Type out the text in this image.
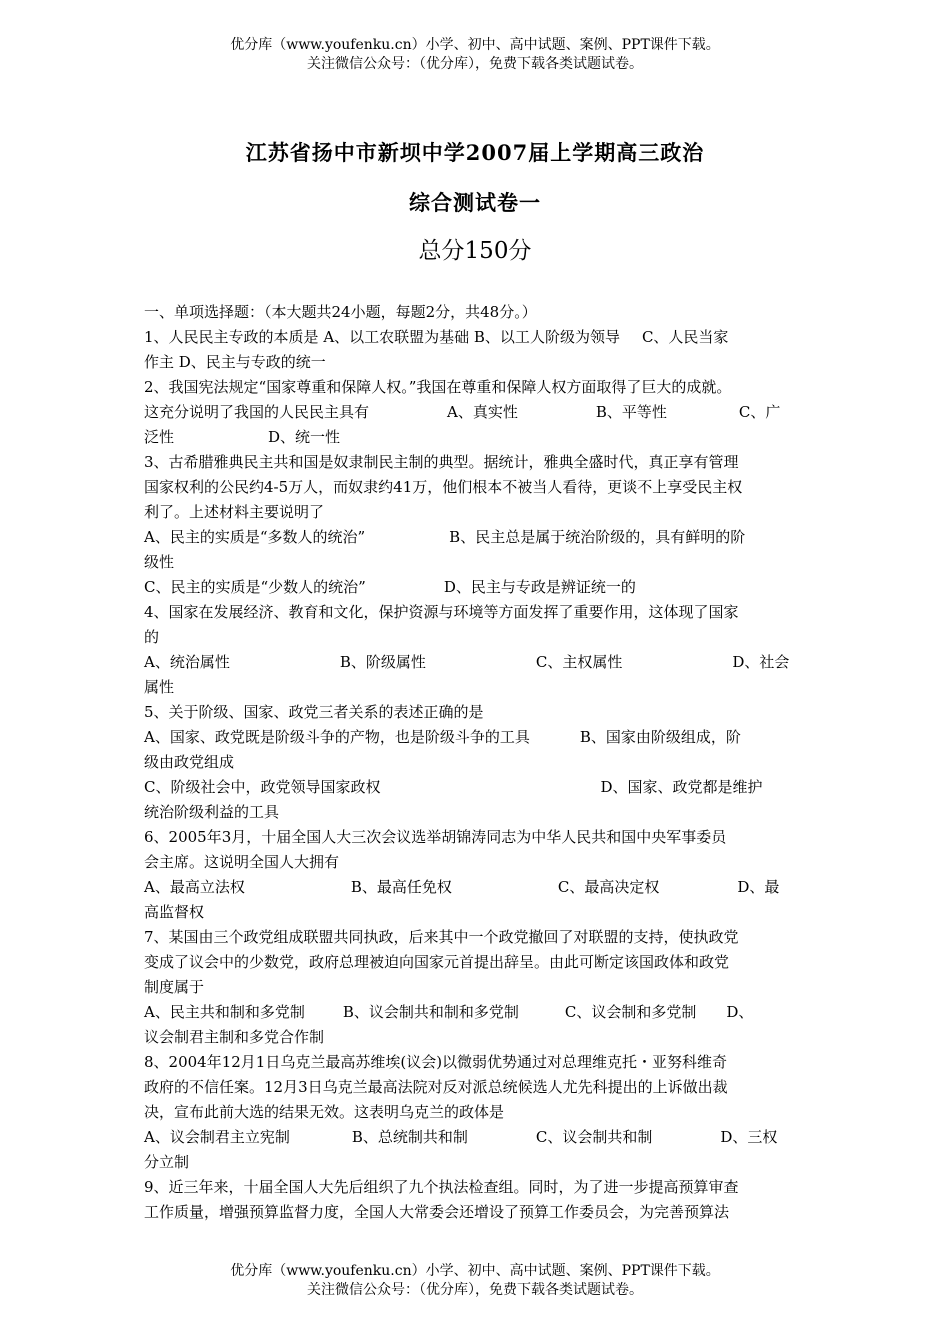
优分库（www.youfenku.cn）小学、初中、高中试题、案例、PPT课件下载。
关注微信公众号：（优分库），免费下载各类试题试卷。
江苏省扬中市新坝中学2007届上学期高三政治
综合测试卷一
总分150分

一、单项选择题：（本大题共24小题，每题2分，共48分。）

1、人民民主专政的本质是 A、以工农联盟为基础 B、以工人阶级为领导 C、人民当家

作主 D、民主与专政的统一

2、我国宪法规定“国家尊重和保障人权。”我国在尊重和保障人权方面取得了巨大的成就。

这充分说明了我国的人民民主具有	A、真实性	B、平等性	C、广

泛性	D、统一性

3、古希腊雅典民主共和国是奴隶制民主制的典型。据统计，雅典全盛时代，真正享有管理

国家权利的公民约4-5万人，而奴隶约41万，他们根本不被当人看待，更谈不上享受民主权

利了。上述材料主要说明了

A、民主的实质是“多数人的统治”	B、民主总是属于统治阶级的，具有鲜明的阶

级性

C、民主的实质是“少数人的统治”	D、民主与专政是辨证统一的

4、国家在发展经济、教育和文化，保护资源与环境等方面发挥了重要作用，这体现了国家

的

A、统治属性	B、阶级属性	C、主权属性	D、社会

属性

5、关于阶级、国家、政党三者关系的表述正确的是

A、国家、政党既是阶级斗争的产物，也是阶级斗争的工具	B、国家由阶级组成，阶

级由政党组成

C、阶级社会中，政党领导国家政权	D、国家、政党都是维护

统治阶级利益的工具

6、2005年3月，十届全国人大三次会议选举胡锦涛同志为中华人民共和国中央军事委员

会主席。这说明全国人大拥有

A、最高立法权	B、最高任免权	C、最高决定权	D、最

高监督权

7、某国由三个政党组成联盟共同执政，后来其中一个政党撤回了对联盟的支持，使执政党

变成了议会中的少数党，政府总理被迫向国家元首提出辞呈。由此可断定该国政体和政党

制度属于

A、民主共和制和多党制	B、议会制共和制和多党制	C、议会制和多党制 D、

议会制君主制和多党合作制

8、2004年12月1日乌克兰最高苏维埃(议会)以微弱优势通过对总理维克托・亚努科维奇

政府的不信任案。12月3日乌克兰最高法院对反对派总统候选人尤先科提出的上诉做出裁

决，宣布此前大选的结果无效。这表明乌克兰的政体是

A、议会制君主立宪制	B、总统制共和制	C、议会制共和制	D、三权

分立制

9、近三年来，十届全国人大先后组织了九个执法检查组。同时，为了进一步提高预算审查

工作质量，增强预算监督力度，全国人大常委会还增设了预算工作委员会，为完善预算法

优分库（www.youfenku.cn）小学、初中、高中试题、案例、PPT课件下载。
关注微信公众号：（优分库），免费下载各类试题试卷。
